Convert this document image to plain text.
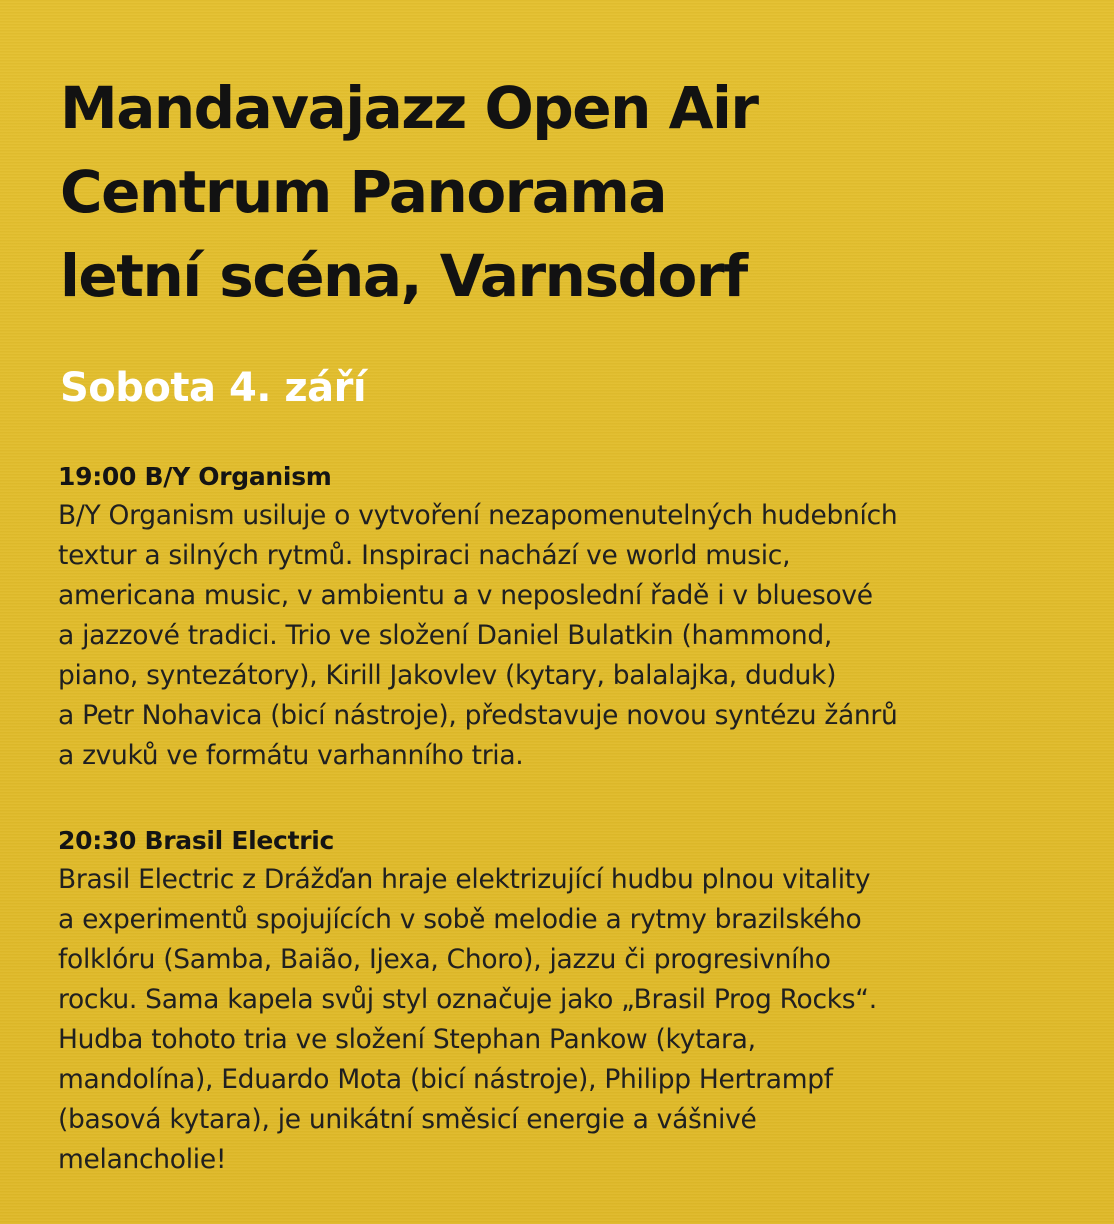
Mandavajazz Open Air
Centrum Panorama
letní scéna, Varnsdorf
Sobota 4. září
19:00 B/Y Organism

B/Y Organism usiluje o vytvoření nezapomenutelných hudebních
textur a silných rytmů. Inspiraci nachází ve world music,
americana music, v ambientu a v neposlední řadě i v bluesové
a jazzové tradici. Trio ve složení Daniel Bulatkin (hammond,
piano, syntezátory), Kirill Jakovlev (kytary, balalajka, duduk)
a Petr Nohavica (bicí nástroje), představuje novou syntézu žánrů
a zvuků ve formátu varhanního tria.

20:30 Brasil Electric

Brasil Electric z Drážďan hraje elektrizující hudbu plnou vitality
a experimentů spojujících v sobě melodie a rytmy brazilského
folklóru (Samba, Baião, Ijexa, Choro), jazzu či progresivního
rocku. Sama kapela svůj styl označuje jako „Brasil Prog Rocks“.
Hudba tohoto tria ve složení Stephan Pankow (kytara,
mandolína), Eduardo Mota (bicí nástroje), Philipp Hertrampf
(basová kytara), je unikátní směsicí energie a vášnivé
melancholie!
